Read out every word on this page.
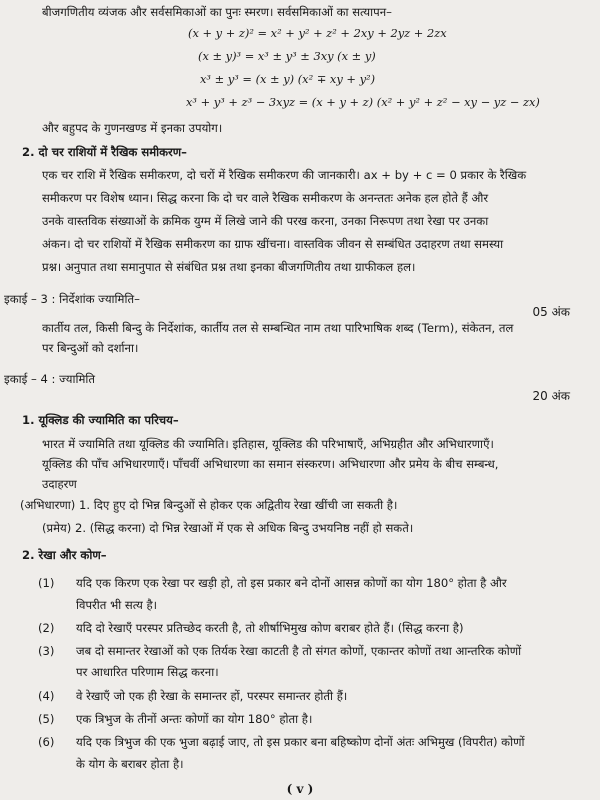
बीजगणितीय व्यंजक और सर्वसमिकाओं का पुनः स्मरण। सर्वसमिकाओं का सत्यापन–
(x + y + z)² = x² + y² + z² + 2xy + 2yz + 2zx
(x ± y)³ = x³ ± y³ ± 3xy (x ± y)
x³ ± y³ = (x ± y) (x² ∓ xy + y²)
x³ + y³ + z³ − 3xyz = (x + y + z) (x² + y² + z² − xy − yz − zx)
और बहुपद के गुणनखण्ड में इनका उपयोग।
2. दो चर राशियों में रैखिक समीकरण–
एक चर राशि में रैखिक समीकरण, दो चरों में रैखिक समीकरण की जानकारी। ax + by + c = 0 प्रकार के रैखिक
समीकरण पर विशेष ध्यान। सिद्ध करना कि दो चर वाले रैखिक समीकरण के अनन्ततः अनेक हल होते हैं और
उनके वास्तविक संख्याओं के क्रमिक युग्म में लिखे जाने की परख करना, उनका निरूपण तथा रेखा पर उनका
अंकन। दो चर राशियों में रैखिक समीकरण का ग्राफ खींचना। वास्तविक जीवन से सम्बंधित उदाहरण तथा समस्या
प्रश्न। अनुपात तथा समानुपात से संबंधित प्रश्न तथा इनका बीजगणितीय तथा ग्राफीकल हल।
इकाई – 3 : निर्देशांक ज्यामिति–
05 अंक
कार्तीय तल, किसी बिन्दु के निर्देशांक, कार्तीय तल से सम्बन्धित नाम तथा पारिभाषिक शब्द (Term), संकेतन, तल
पर बिन्दुओं को दर्शाना।
इकाई – 4 : ज्यामिति
20 अंक
1. यूक्लिड की ज्यामिति का परिचय–
भारत में ज्यामिति तथा यूक्लिड की ज्यामिति। इतिहास, यूक्लिड की परिभाषाएँ, अभिग्रहीत और अभिधारणाएँ।
यूक्लिड की पाँच अभिधारणाएँ। पाँचवीं अभिधारणा का समान संस्करण। अभिधारणा और प्रमेय के बीच सम्बन्ध,
उदाहरण
(अभिधारणा) 1. दिए हुए दो भिन्न बिन्दुओं से होकर एक अद्वितीय रेखा खींची जा सकती है।
(प्रमेय) 2. (सिद्ध करना) दो भिन्न रेखाओं में एक से अधिक बिन्दु उभयनिष्ठ नहीं हो सकते।
2. रेखा और कोण–
(1) यदि एक किरण एक रेखा पर खड़ी हो, तो इस प्रकार बने दोनों आसन्न कोणों का योग 180° होता है और
विपरीत भी सत्य है।
(2) यदि दो रेखाएँ परस्पर प्रतिच्छेद करती है, तो शीर्षाभिमुख कोण बराबर होते हैं। (सिद्ध करना है)
(3) जब दो समान्तर रेखाओं को एक तिर्यक रेखा काटती है तो संगत कोणों, एकान्तर कोणों तथा आन्तरिक कोणों
पर आधारित परिणाम सिद्ध करना।
(4) वे रेखाएँ जो एक ही रेखा के समान्तर हों, परस्पर समान्तर होती हैं।
(5) एक त्रिभुज के तीनों अन्तः कोणों का योग 180° होता है।
(6) यदि एक त्रिभुज की एक भुजा बढ़ाई जाए, तो इस प्रकार बना बहिष्कोण दोनों अंतः अभिमुख (विपरीत) कोणों
के योग के बराबर होता है।
( v )
